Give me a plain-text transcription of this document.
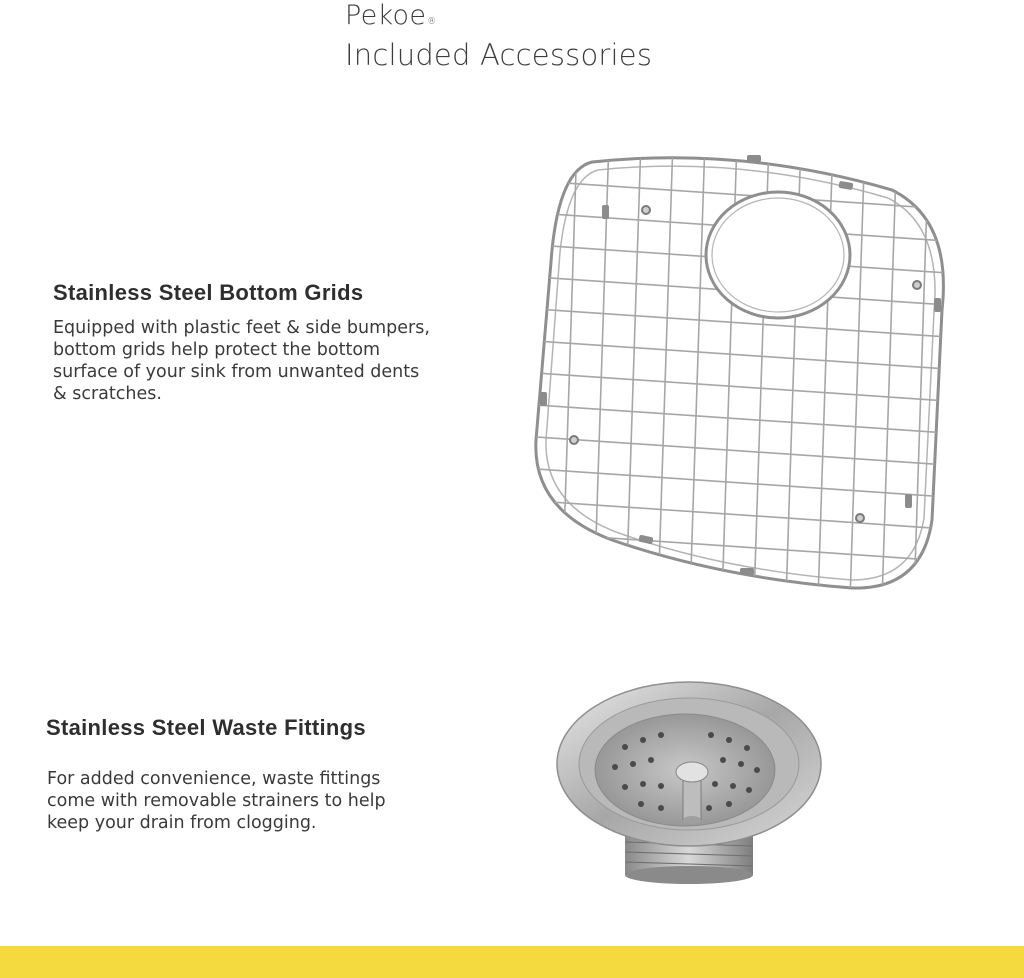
Pekoe®
Included Accessories
Stainless Steel Bottom Grids
Equipped with plastic feet & side bumpers,
bottom grids help protect the bottom
surface of your sink from unwanted dents
& scratches.
Stainless Steel Waste Fittings
For added convenience, waste fittings
come with removable strainers to help
keep your drain from clogging.
